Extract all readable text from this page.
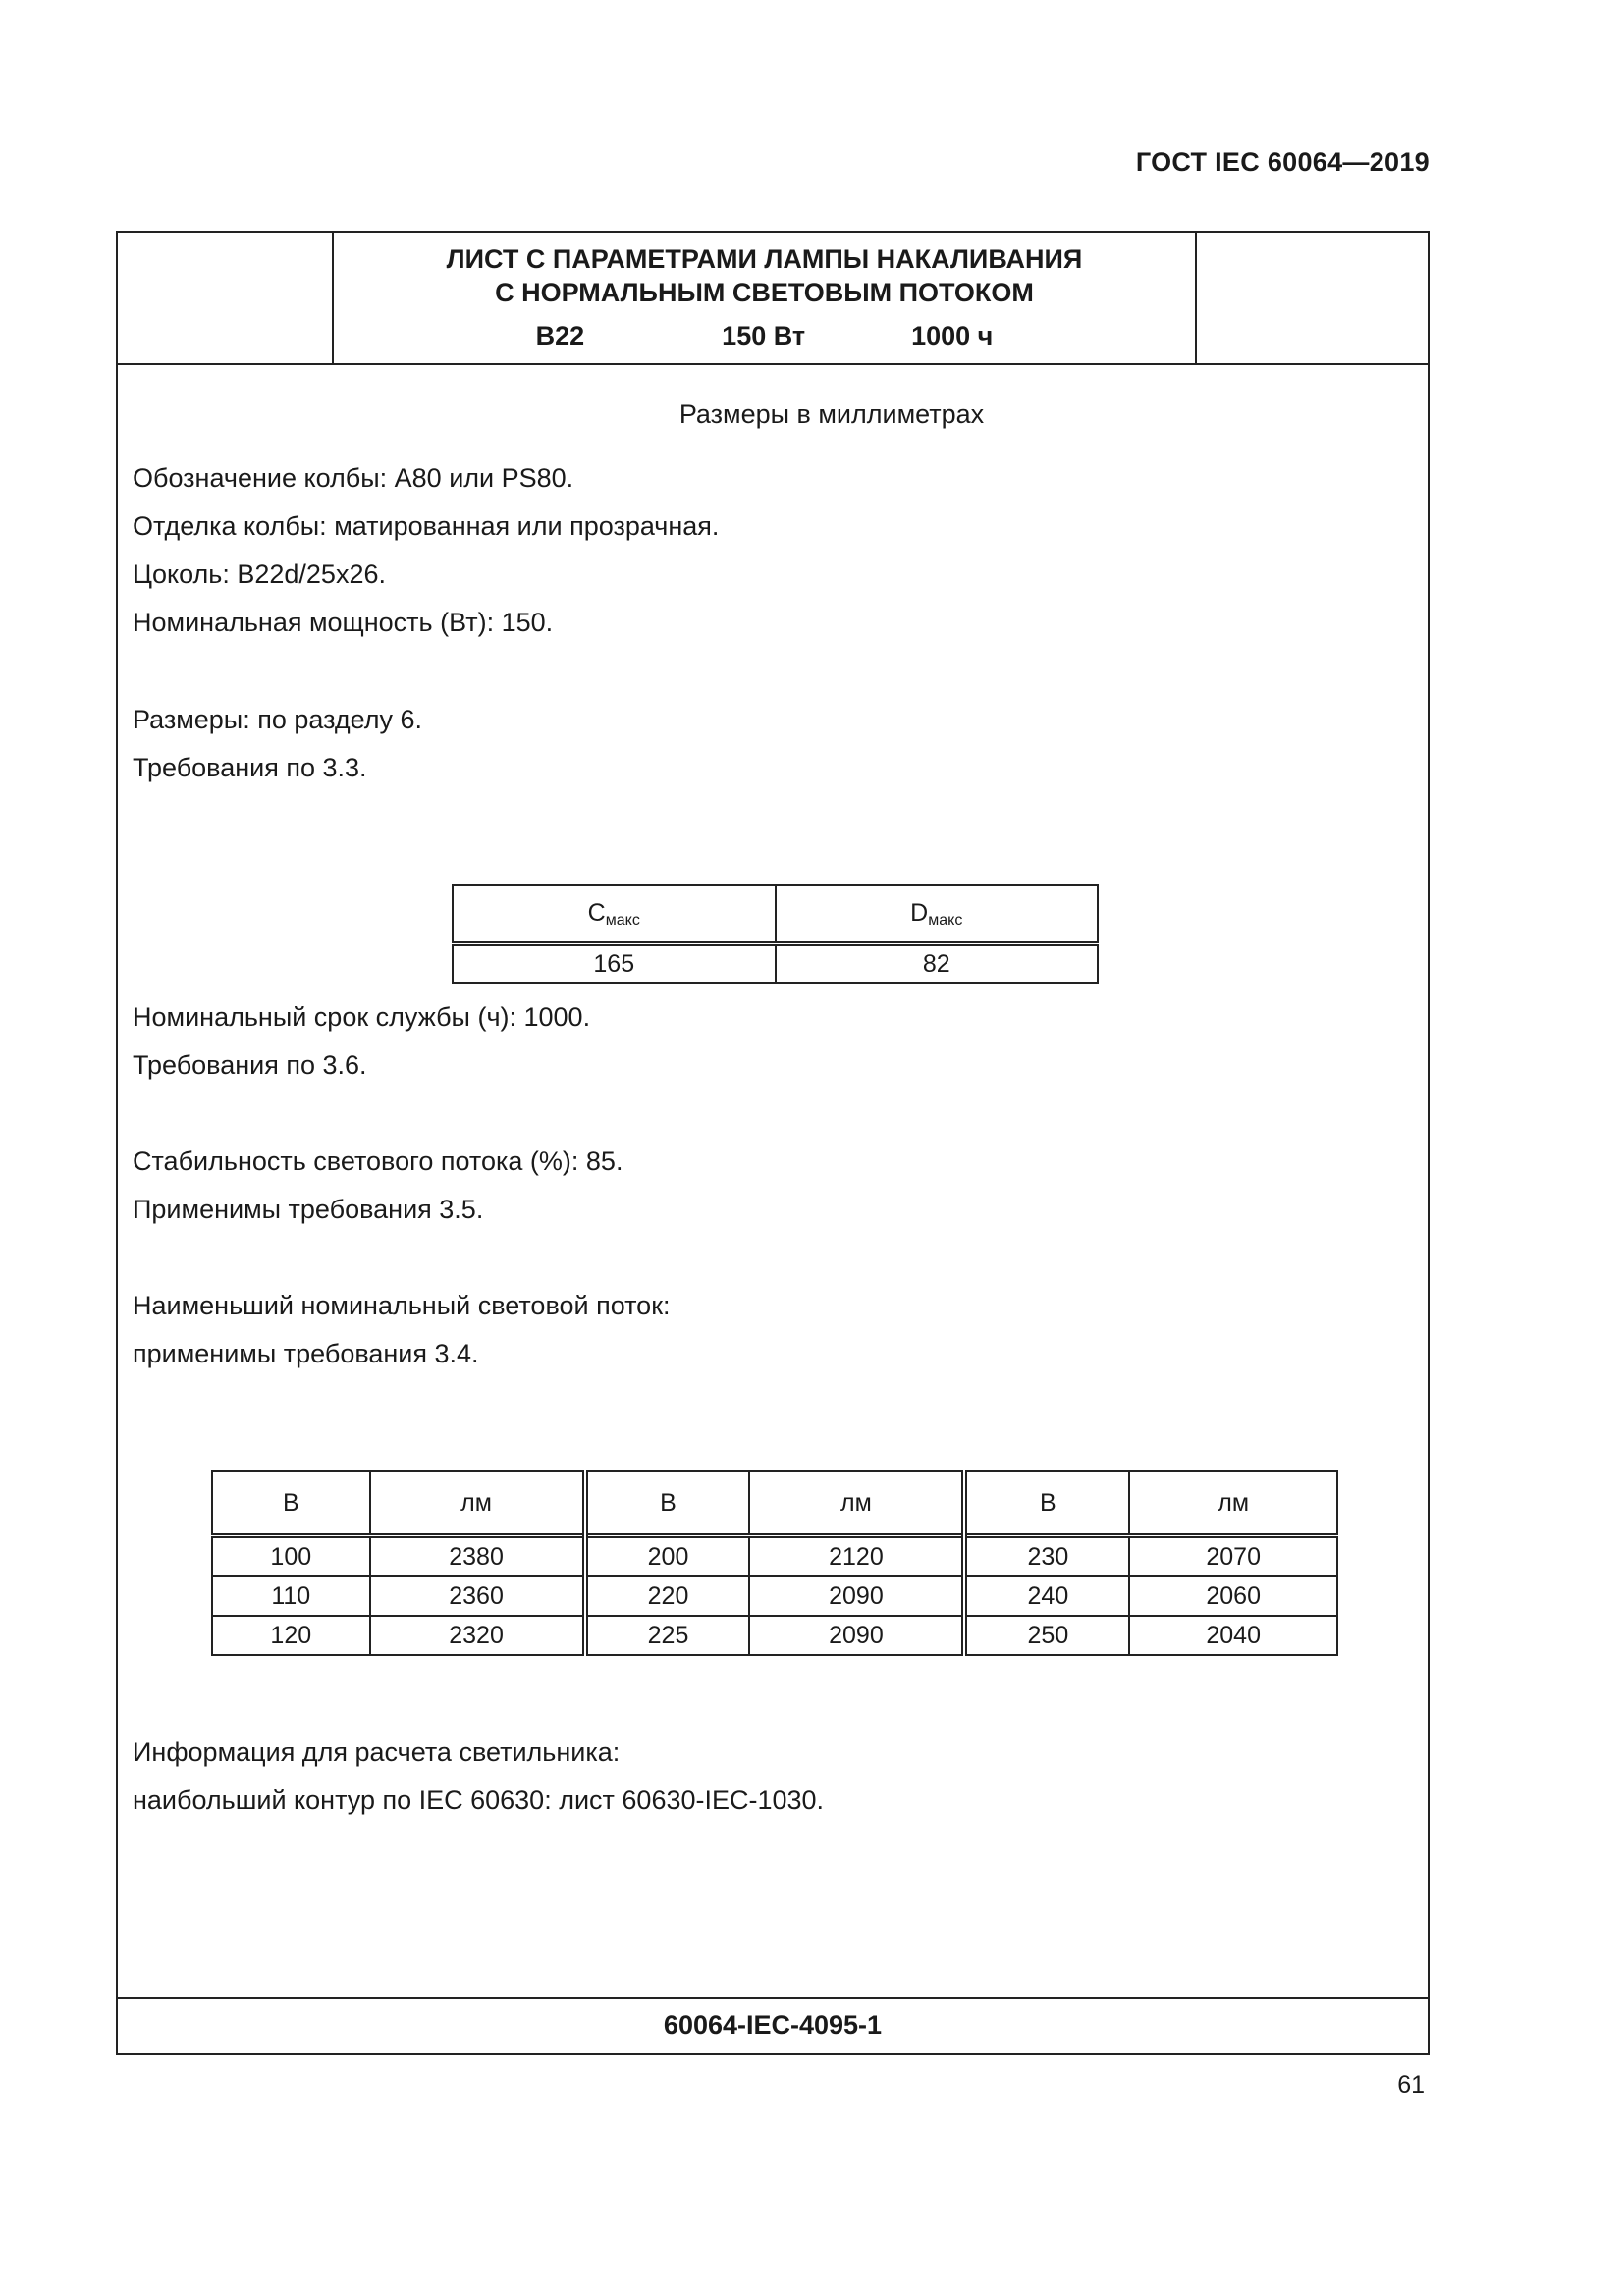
ГОСТ IEC 60064—2019
ЛИСТ С ПАРАМЕТРАМИ ЛАМПЫ НАКАЛИВАНИЯ
С НОРМАЛЬНЫМ СВЕТОВЫМ ПОТОКОМ
B22	150 Вт	1000 ч
Размеры в миллиметрах
Обозначение колбы: A80 или PS80.
Отделка колбы: матированная или прозрачная.
Цоколь: B22d/25x26.
Номинальная мощность (Вт): 150.
Размеры: по разделу 6.
Требования по 3.3.
$C_{макс}$	$D_{макс}$
165	82
Номинальный срок службы (ч): 1000.
Требования по 3.6.
Стабильность светового потока (%): 85.
Применимы требования 3.5.
Наименьший номинальный световой поток:
применимы требования 3.4.
В	лм	В	лм	В	лм
100	2380	200	2120	230	2070
110	2360	220	2090	240	2060
120	2320	225	2090	250	2040
Информация для расчета светильника:
наибольший контур по IEC 60630: лист 60630-IEC-1030.
60064-IEC-4095-1
61
